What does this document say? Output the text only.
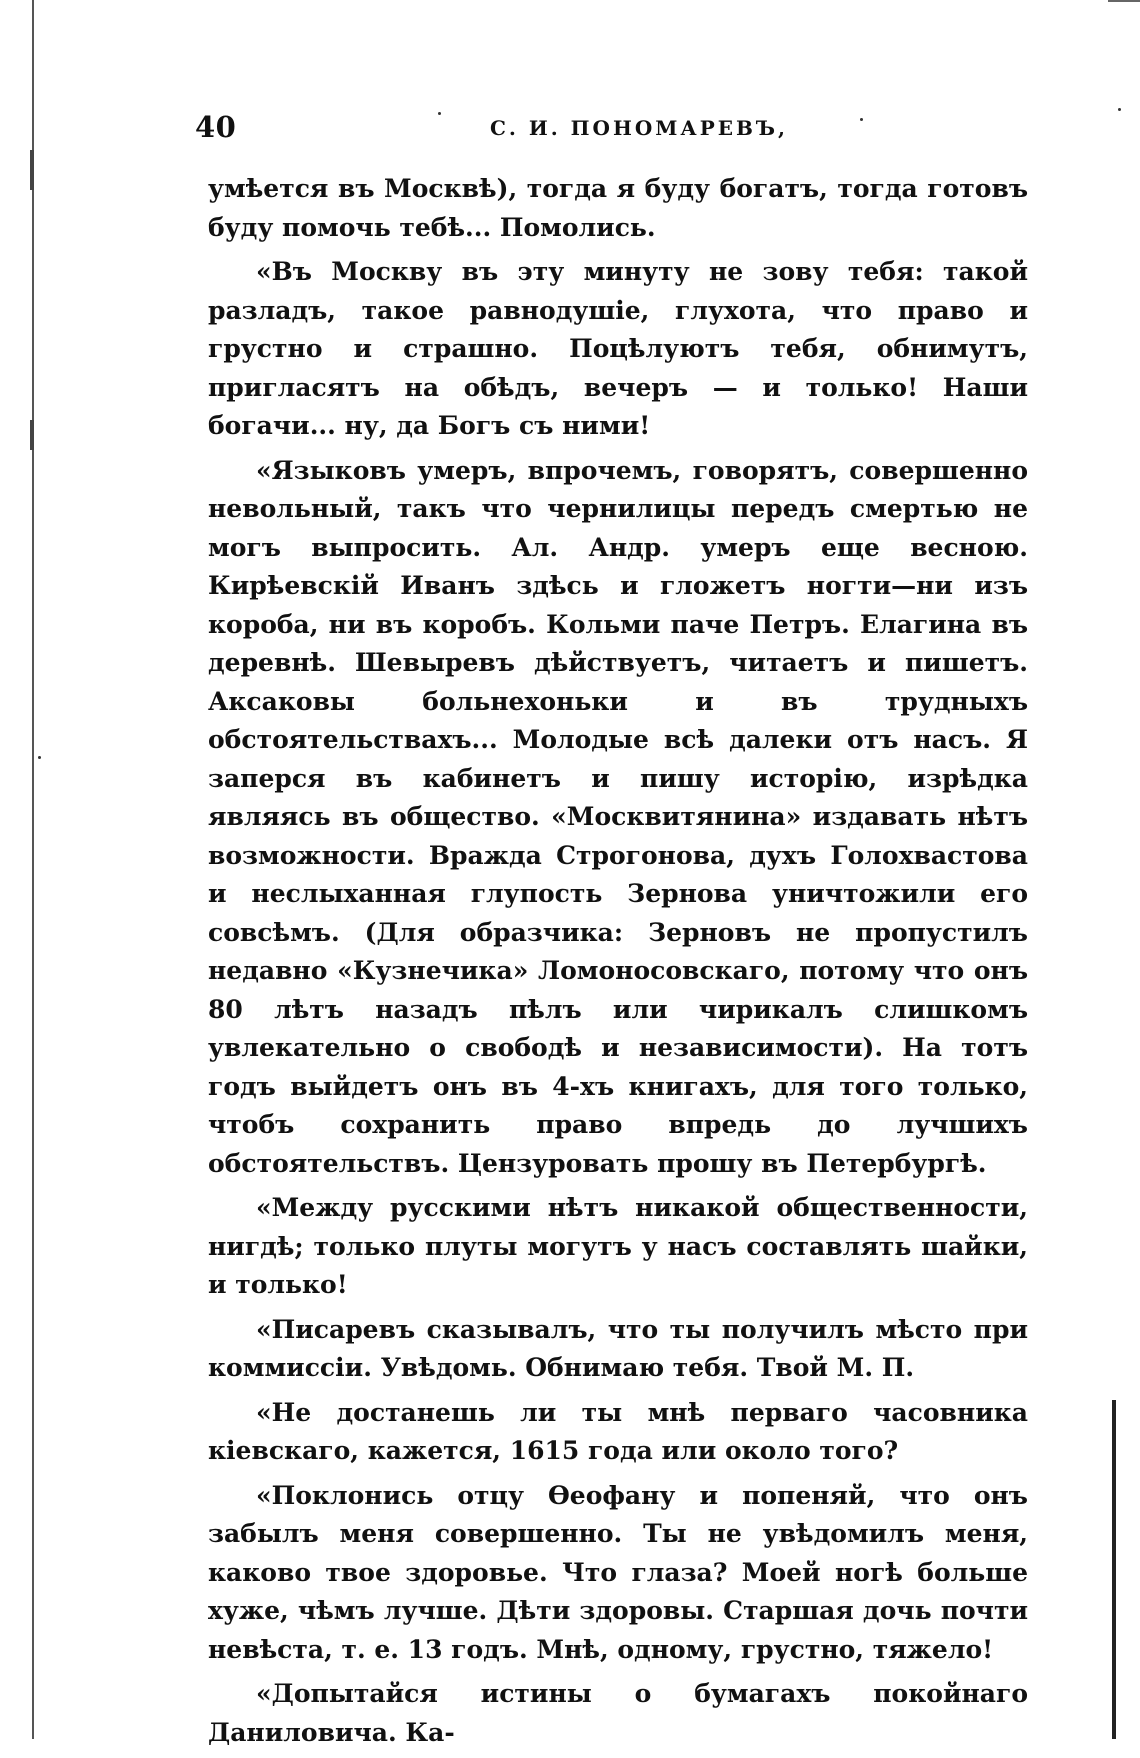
40	С. И. ПОНОМАРЕВЪ,

умѣется въ Москвѣ), тогда я буду богатъ, тогда готовъ буду помочь тебѣ... Помолись.

«Въ Москву въ эту минуту не зову тебя: такой разладъ, такое равнодушіе, глухота, что право и грустно и страшно. Поцѣлуютъ тебя, обнимутъ, пригласятъ на обѣдъ, вечеръ — и только! Наши богачи... ну, да Богъ съ ними!

«Языковъ умеръ, впрочемъ, говорятъ, совершенно невольный, такъ что чернилицы передъ смертью не могъ выпросить. Ал. Андр. умеръ еще весною. Кирѣевскій Иванъ здѣсь и гложетъ ногти—ни изъ короба, ни въ коробъ. Кольми паче Петръ. Елагина въ деревнѣ. Шевыревъ дѣйствуетъ, читаетъ и пишетъ. Аксаковы больнехоньки и въ трудныхъ обстоятельствахъ... Молодые всѣ далеки отъ насъ. Я заперся въ кабинетъ и пишу исторію, изрѣдка являясь въ общество. «Москвитянина» издавать нѣтъ возможности. Вражда Строгонова, духъ Голохвастова и неслыханная глупость Зернова уничтожили его совсѣмъ. (Для образчика: Зерновъ не пропустилъ недавно «Кузнечика» Ломоносовскаго, потому что онъ 80 лѣтъ назадъ пѣлъ или чирикалъ слишкомъ увлекательно о свободѣ и независимости). На тотъ годъ выйдетъ онъ въ 4-хъ книгахъ, для того только, чтобъ сохранить право впредь до лучшихъ обстоятельствъ. Цензуровать прошу въ Петербургѣ.

«Между русскими нѣтъ никакой общественности, нигдѣ; только плуты могутъ у насъ составлять шайки, и только!

«Писаревъ сказывалъ, что ты получилъ мѣсто при коммиссіи. Увѣдомь. Обнимаю тебя. Твой М. П.

«Не достанешь ли ты мнѣ перваго часовника кіевскаго, кажется, 1615 года или около того?

«Поклонись отцу Ѳеофану и попеняй, что онъ забылъ меня совершенно. Ты не увѣдомилъ меня, каково твое здоровье. Что глаза? Моей ногѣ больше хуже, чѣмъ лучше. Дѣти здоровы. Старшая дочь почти невѣста, т. е. 13 годъ. Мнѣ, одному, грустно, тяжело!

«Допытайся истины о бумагахъ покойнаго Даниловича. Ка-
